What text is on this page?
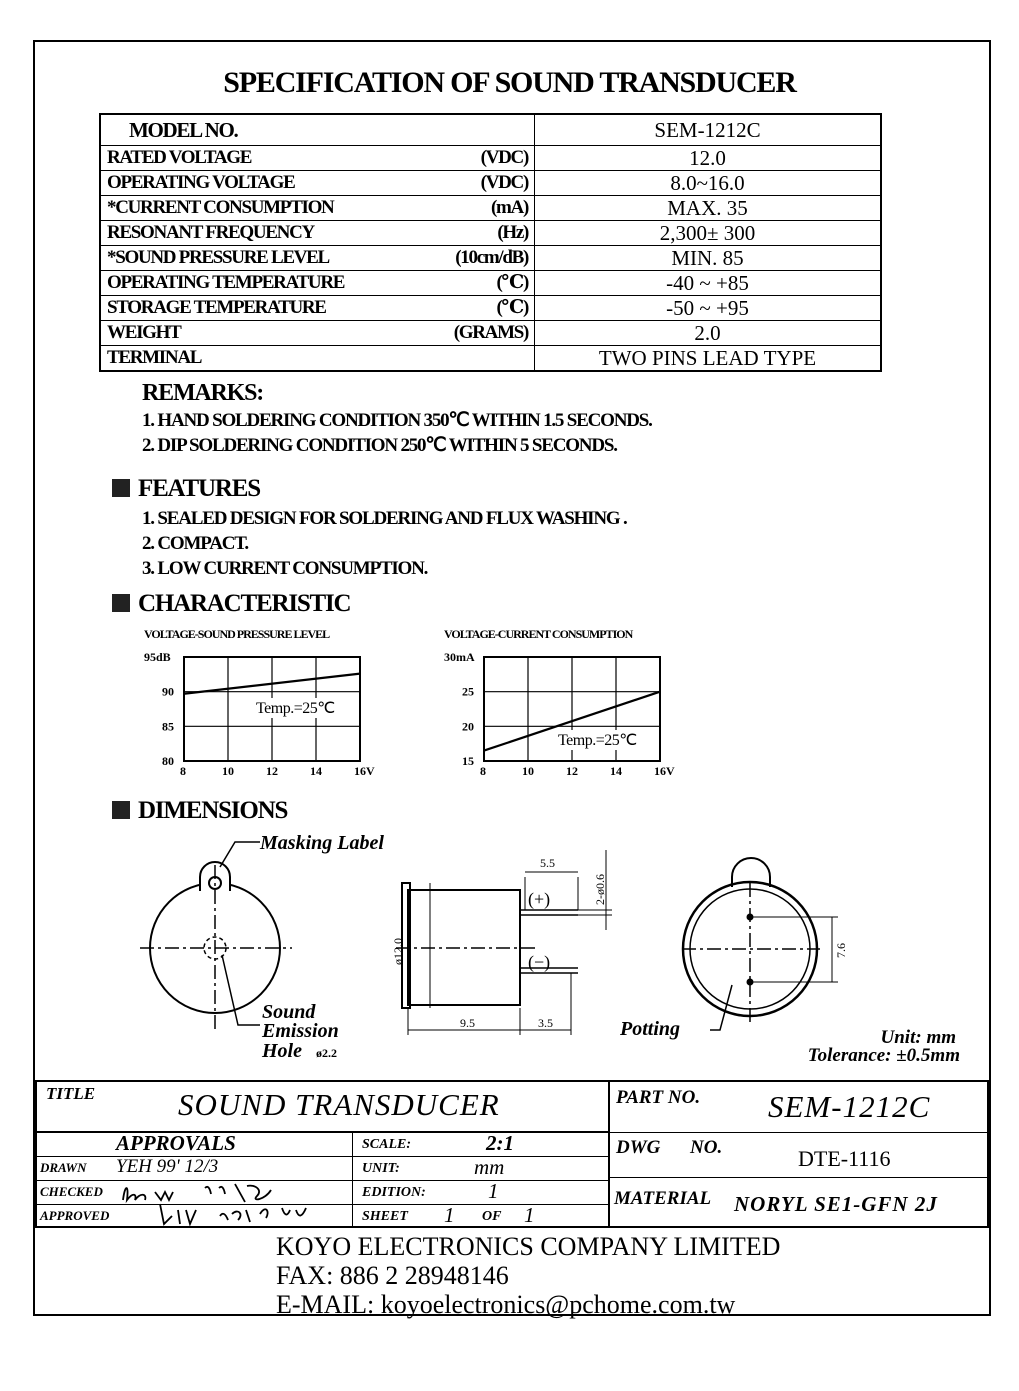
SPECIFICATION OF SOUND TRANSDUCER
MODEL NO.		SEM-1212C
RATED VOLTAGE	(VDC)	12.0
OPERATING VOLTAGE	(VDC)	8.0~16.0
*CURRENT CONSUMPTION	(mA)	MAX. 35
RESONANT FREQUENCY	(Hz)	2,300± 300
*SOUND PRESSURE LEVEL	(10cm/dB)	MIN. 85
OPERATING TEMPERATURE	(℃)	-40 ~ +85
STORAGE TEMPERATURE	(℃)	-50 ~ +95
WEIGHT	(GRAMS)	2.0
TERMINAL		TWO PINS LEAD TYPE
REMARKS:
1. HAND SOLDERING CONDITION 350℃ WITHIN 1.5 SECONDS.
2. DIP SOLDERING CONDITION 250℃ WITHIN 5 SECONDS.
FEATURES
1. SEALED DESIGN FOR SOLDERING AND FLUX WASHING .
2. COMPACT.
3. LOW CURRENT CONSUMPTION.
CHARACTERISTIC
VOLTAGE-SOUND PRESSURE LEVEL
8	10	12	14	16V
80
85
90
95dB
Temp.=25℃
VOLTAGE-CURRENT CONSUMPTION
8	10	12	14	16V
15
20
25
30mA
Temp.=25℃
DIMENSIONS
Masking Label
Sound
Emission
Hole ø2.2
5.5
2-ø0.6
ø12.0
9.5	3.5
(+)
(−)
7.6
Potting	Unit: mm
Tolerance: ±0.5mm
TITLE	SOUND TRANSDUCER	PART NO. SEM-1212C
APPROVALS
DRAWN YEH 99' 12/3
CHECKED
APPROVED
SCALE:	2:1
UNIT:	mm
EDITION:	1
SHEET 1 OF 1
DWG NO.	DTE-1116
MATERIAL NORYL SE1-GFN 2J
KOYO ELECTRONICS COMPANY LIMITED
FAX: 886 2 28948146
E-MAIL: koyoelectronics@pchome.com.tw
